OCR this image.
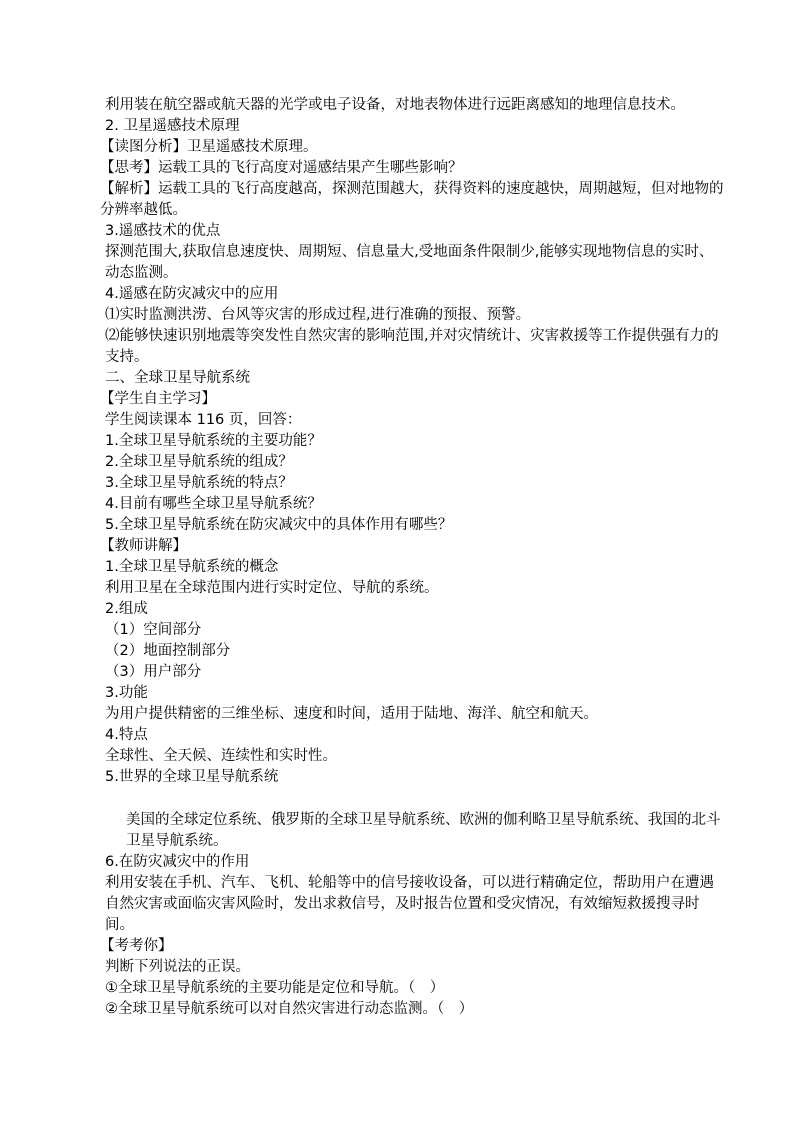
利用装在航空器或航天器的光学或电子设备，对地表物体进行远距离感知的地理信息技术。

2. 卫星遥感技术原理

【读图分析】卫星遥感技术原理。

【思考】运载工具的飞行高度对遥感结果产生哪些影响？

【解析】运载工具的飞行高度越高，探测范围越大，获得资料的速度越快，周期越短，但对地物的分辨率越低。

3.遥感技术的优点

探测范围大,获取信息速度快、周期短、信息量大,受地面条件限制少,能够实现地物信息的实时、动态监测。

4.遥感在防灾减灾中的应用

⑴实时监测洪涝、台风等灾害的形成过程,进行准确的预报、预警。

⑵能够快速识别地震等突发性自然灾害的影响范围,并对灾情统计、灾害救援等工作提供强有力的支持。

二、全球卫星导航系统

【学生自主学习】

学生阅读课本 116 页，回答：

1.全球卫星导航系统的主要功能？

2.全球卫星导航系统的组成？

3.全球卫星导航系统的特点？

4.目前有哪些全球卫星导航系统？

5.全球卫星导航系统在防灾减灾中的具体作用有哪些？

【教师讲解】

1.全球卫星导航系统的概念

利用卫星在全球范围内进行实时定位、导航的系统。

2.组成

（1）空间部分

（2）地面控制部分

（3）用户部分

3.功能

为用户提供精密的三维坐标、速度和时间，适用于陆地、海洋、航空和航天。

4.特点

全球性、全天候、连续性和实时性。

5.世界的全球卫星导航系统

美国的全球定位系统、俄罗斯的全球卫星导航系统、欧洲的伽利略卫星导航系统、我国的北斗卫星导航系统。

6.在防灾减灾中的作用

利用安装在手机、汽车、飞机、轮船等中的信号接收设备，可以进行精确定位，帮助用户在遭遇自然灾害或面临灾害风险时，发出求救信号，及时报告位置和受灾情况，有效缩短救援搜寻时间。

【考考你】

判断下列说法的正误。

①全球卫星导航系统的主要功能是定位和导航。（　）

②全球卫星导航系统可以对自然灾害进行动态监测。（　）
